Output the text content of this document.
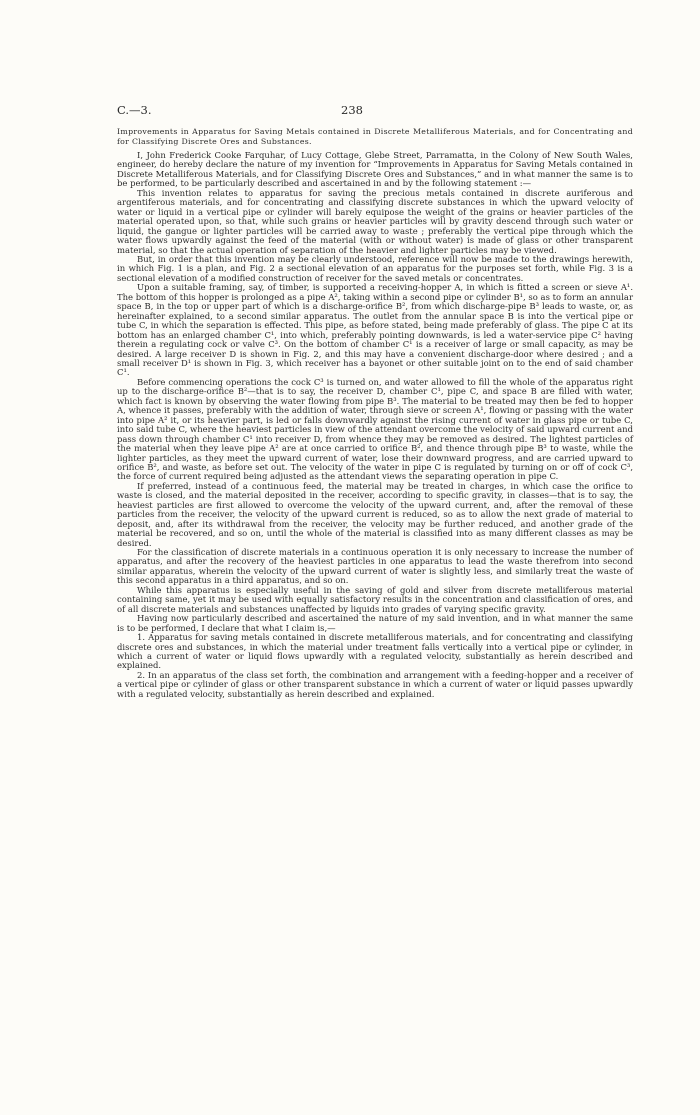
C.—3.	238
Improvements in Apparatus for Saving Metals contained in Discrete Metalliferous Materials, and for Concentrating and for Classifying Discrete Ores and Substances.

I, John Frederick Cooke Farquhar, of Lucy Cottage, Glebe Street, Parramatta, in the Colony of New South Wales, engineer, do hereby declare the nature of my invention for “Improvements in Apparatus for Saving Metals contained in Discrete Metalliferous Materials, and for Classifying Discrete Ores and Substances,” and in what manner the same is to be performed, to be particularly described and ascertained in and by the following statement :—

This invention relates to apparatus for saving the precious metals contained in discrete auriferous and argentiferous materials, and for concentrating and classifying discrete substances in which the upward velocity of water or liquid in a vertical pipe or cylinder will barely equipose the weight of the grains or heavier particles of the material operated upon, so that, while such grains or heavier particles will by gravity descend through such water or liquid, the gangue or lighter particles will be carried away to waste ; preferably the vertical pipe through which the water flows upwardly against the feed of the material (with or without water) is made of glass or other transparent material, so that the actual operation of separation of the heavier and lighter particles may be viewed.

But, in order that this invention may be clearly understood, reference will now be made to the drawings herewith, in which Fig. 1 is a plan, and Fig. 2 a sectional elevation of an apparatus for the purposes set forth, while Fig. 3 is a sectional elevation of a modified construction of receiver for the saved metals or concentrates.

Upon a suitable framing, say, of timber, is supported a receiving-hopper A, in which is fitted a screen or sieve A¹. The bottom of this hopper is prolonged as a pipe A², taking within a second pipe or cylinder B¹, so as to form an annular space B, in the top or upper part of which is a discharge-orifice B², from which discharge-pipe B³ leads to waste, or, as hereinafter explained, to a second similar apparatus. The outlet from the annular space B is into the vertical pipe or tube C, in which the separation is effected. This pipe, as before stated, being made preferably of glass. The pipe C at its bottom has an enlarged chamber C¹, into which, preferably pointing downwards, is led a water-service pipe C² having therein a regulating cock or valve C³. On the bottom of chamber C¹ is a receiver of large or small capacity, as may be desired. A large receiver D is shown in Fig. 2, and this may have a convenient discharge-door where desired ; and a small receiver D¹ is shown in Fig. 3, which receiver has a bayonet or other suitable joint on to the end of said chamber C¹.

Before commencing operations the cock C³ is turned on, and water allowed to fill the whole of the apparatus right up to the discharge-orifice B²—that is to say, the receiver D, chamber C¹, pipe C, and space B are filled with water, which fact is known by observing the water flowing from pipe B³. The material to be treated may then be fed to hopper A, whence it passes, preferably with the addition of water, through sieve or screen A¹, flowing or passing with the water into pipe A² it, or its heavier part, is led or falls downwardly against the rising current of water in glass pipe or tube C, into said tube C, where the heaviest particles in view of the attendant overcome the velocity of said upward current and pass down through chamber C¹ into receiver D, from whence they may be removed as desired. The lightest particles of the material when they leave pipe A² are at once carried to orifice B², and thence through pipe B³ to waste, while the lighter particles, as they meet the upward current of water, lose their downward progress, and are carried upward to orifice B², and waste, as before set out. The velocity of the water in pipe C is regulated by turning on or off of cock C³, the force of current required being adjusted as the attendant views the separating operation in pipe C.

If preferred, instead of a continuous feed, the material may be treated in charges, in which case the orifice to waste is closed, and the material deposited in the receiver, according to specific gravity, in classes—that is to say, the heaviest particles are first allowed to overcome the velocity of the upward current, and, after the removal of these particles from the receiver, the velocity of the upward current is reduced, so as to allow the next grade of material to deposit, and, after its withdrawal from the receiver, the velocity may be further reduced, and another grade of the material be recovered, and so on, until the whole of the material is classified into as many different classes as may be desired.

For the classification of discrete materials in a continuous operation it is only necessary to increase the number of apparatus, and after the recovery of the heaviest particles in one apparatus to lead the waste therefrom into second similar apparatus, wherein the velocity of the upward current of water is slightly less, and similarly treat the waste of this second apparatus in a third apparatus, and so on.

While this apparatus is especially useful in the saving of gold and silver from discrete metalliferous material containing same, yet it may be used with equally satisfactory results in the concentration and classification of ores, and of all discrete materials and substances unaffected by liquids into grades of varying specific gravity.

Having now particularly described and ascertained the nature of my said invention, and in what manner the same is to be performed, I declare that what I claim is,—

1. Apparatus for saving metals contained in discrete metalliferous materials, and for concentrating and classifying discrete ores and substances, in which the material under treatment falls vertically into a vertical pipe or cylinder, in which a current of water or liquid flows upwardly with a regulated velocity, substantially as herein described and explained.

2. In an apparatus of the class set forth, the combination and arrangement with a feeding-hopper and a receiver of a vertical pipe or cylinder of glass or other transparent substance in which a current of water or liquid passes upwardly with a regulated velocity, substantially as herein described and explained.
